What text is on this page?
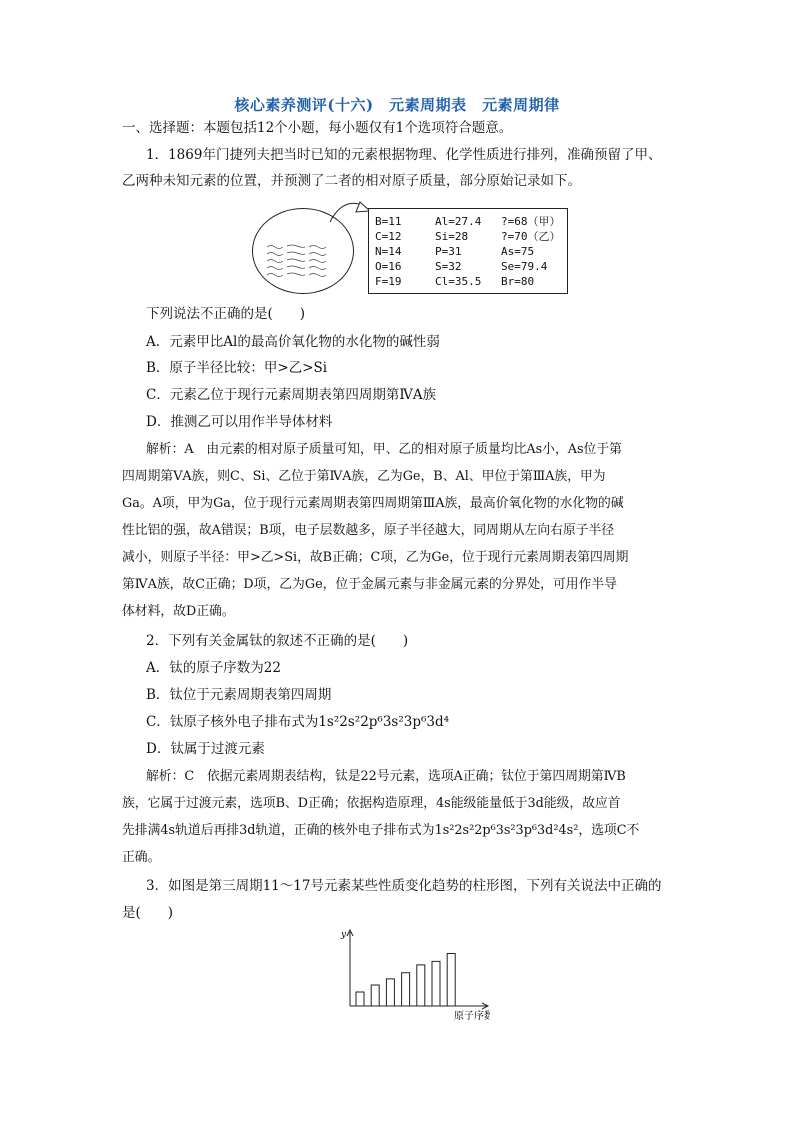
核心素养测评(十六)　元素周期表　元素周期律
一、选择题：本题包括12个小题，每小题仅有1个选项符合题意。
1．1869年门捷列夫把当时已知的元素根据物理、化学性质进行排列，准确预留了甲、
乙两种未知元素的位置，并预测了二者的相对原子质量，部分原始记录如下。
B=11	Al=27.4 ?=68（甲）
C=12	Si=28	?=70（乙）
N=14	P=31	As=75
O=16	S=32	Se=79.4
F=19	Cl=35.5 Br=80
下列说法不正确的是(　　)
A．元素甲比Al的最高价氧化物的水化物的碱性弱
B．原子半径比较：甲>乙>Si
C．元素乙位于现行元素周期表第四周期第ⅣA族
D．推测乙可以用作半导体材料
解析：A　由元素的相对原子质量可知，甲、乙的相对原子质量均比As小，As位于第
四周期第ⅤA族，则C、Si、乙位于第ⅣA族，乙为Ge，B、Al、甲位于第ⅢA族，甲为
Ga。A项，甲为Ga，位于现行元素周期表第四周期第ⅢA族，最高价氧化物的水化物的碱
性比铝的强，故A错误；B项，电子层数越多，原子半径越大，同周期从左向右原子半径
减小，则原子半径：甲>乙>Si，故B正确；C项，乙为Ge，位于现行元素周期表第四周期
第ⅣA族，故C正确；D项，乙为Ge，位于金属元素与非金属元素的分界处，可用作半导
体材料，故D正确。
2．下列有关金属钛的叙述不正确的是(　　)
A．钛的原子序数为22
B．钛位于元素周期表第四周期
C．钛原子核外电子排布式为1s²2s²2p⁶3s²3p⁶3d⁴
D．钛属于过渡元素
解析：C　依据元素周期表结构，钛是22号元素，选项A正确；钛位于第四周期第ⅣB
族，它属于过渡元素，选项B、D正确；依据构造原理，4s能级能量低于3d能级，故应首
先排满4s轨道后再排3d轨道，正确的核外电子排布式为1s²2s²2p⁶3s²3p⁶3d²4s²，选项C不
正确。
3．如图是第三周期11～17号元素某些性质变化趋势的柱形图，下列有关说法中正确的
是(　　)
y
原子序数
